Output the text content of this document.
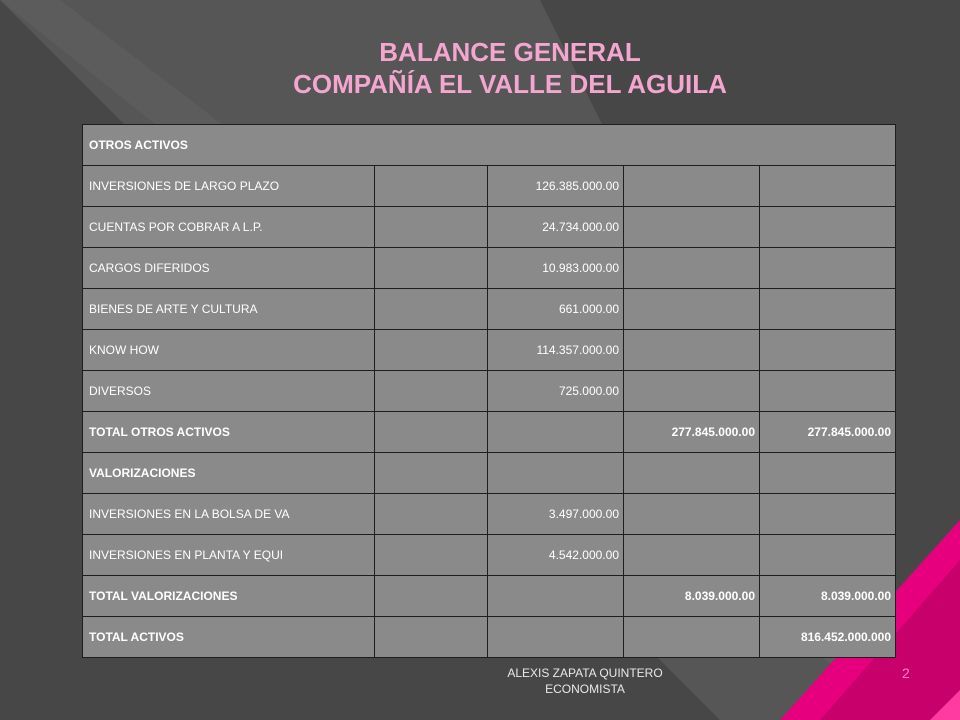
BALANCE GENERAL
COMPAÑÍA EL VALLE DEL AGUILA
OTROS ACTIVOS				
INVERSIONES DE LARGO PLAZO		126.385.000.00		
CUENTAS POR COBRAR A L.P.		24.734.000.00		
CARGOS DIFERIDOS		10.983.000.00		
BIENES DE ARTE Y CULTURA		661.000.00		
KNOW HOW		114.357.000.00		
DIVERSOS		725.000.00		
TOTAL OTROS ACTIVOS			277.845.000.00	277.845.000.00
VALORIZACIONES				
INVERSIONES EN LA BOLSA DE VA		3.497.000.00		
INVERSIONES EN PLANTA Y EQUI		4.542.000.00		
TOTAL VALORIZACIONES			8.039.000.00	8.039.000.00
TOTAL ACTIVOS				816.452.000.000
ALEXIS ZAPATA QUINTERO
ECONOMISTA
2
